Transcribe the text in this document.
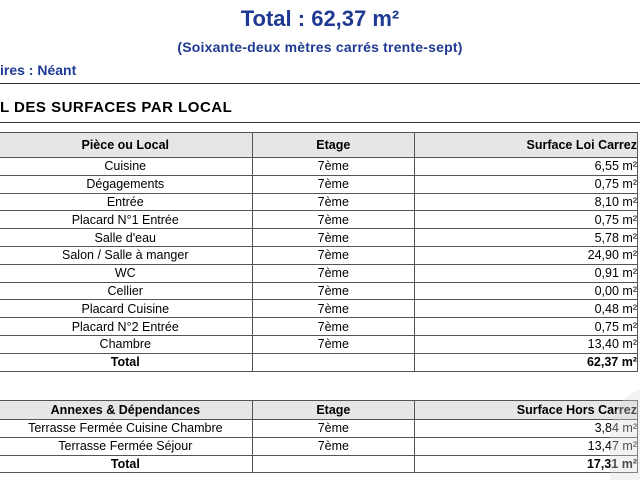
Total : 62,37 m²
(Soixante-deux mètres carrés trente-sept)
ires : Néant
L DES SURFACES PAR LOCAL
Pièce ou Local	Etage	Surface Loi Carrez
Cuisine	7ème	6,55 m²
Dégagements	7ème	0,75 m²
Entrée	7ème	8,10 m²
Placard N°1 Entrée	7ème	0,75 m²
Salle d'eau	7ème	5,78 m²
Salon / Salle à manger	7ème	24,90 m²
WC	7ème	0,91 m²
Cellier	7ème	0,00 m²
Placard Cuisine	7ème	0,48 m²
Placard N°2 Entrée	7ème	0,75 m²
Chambre	7ème	13,40 m²
Total		62,37 m²
Annexes & Dépendances	Etage	Surface Hors Carrez
Terrasse Fermée Cuisine Chambre	7ème	3,84 m²
Terrasse Fermée Séjour	7ème	13,47 m²
Total		17,31 m²
